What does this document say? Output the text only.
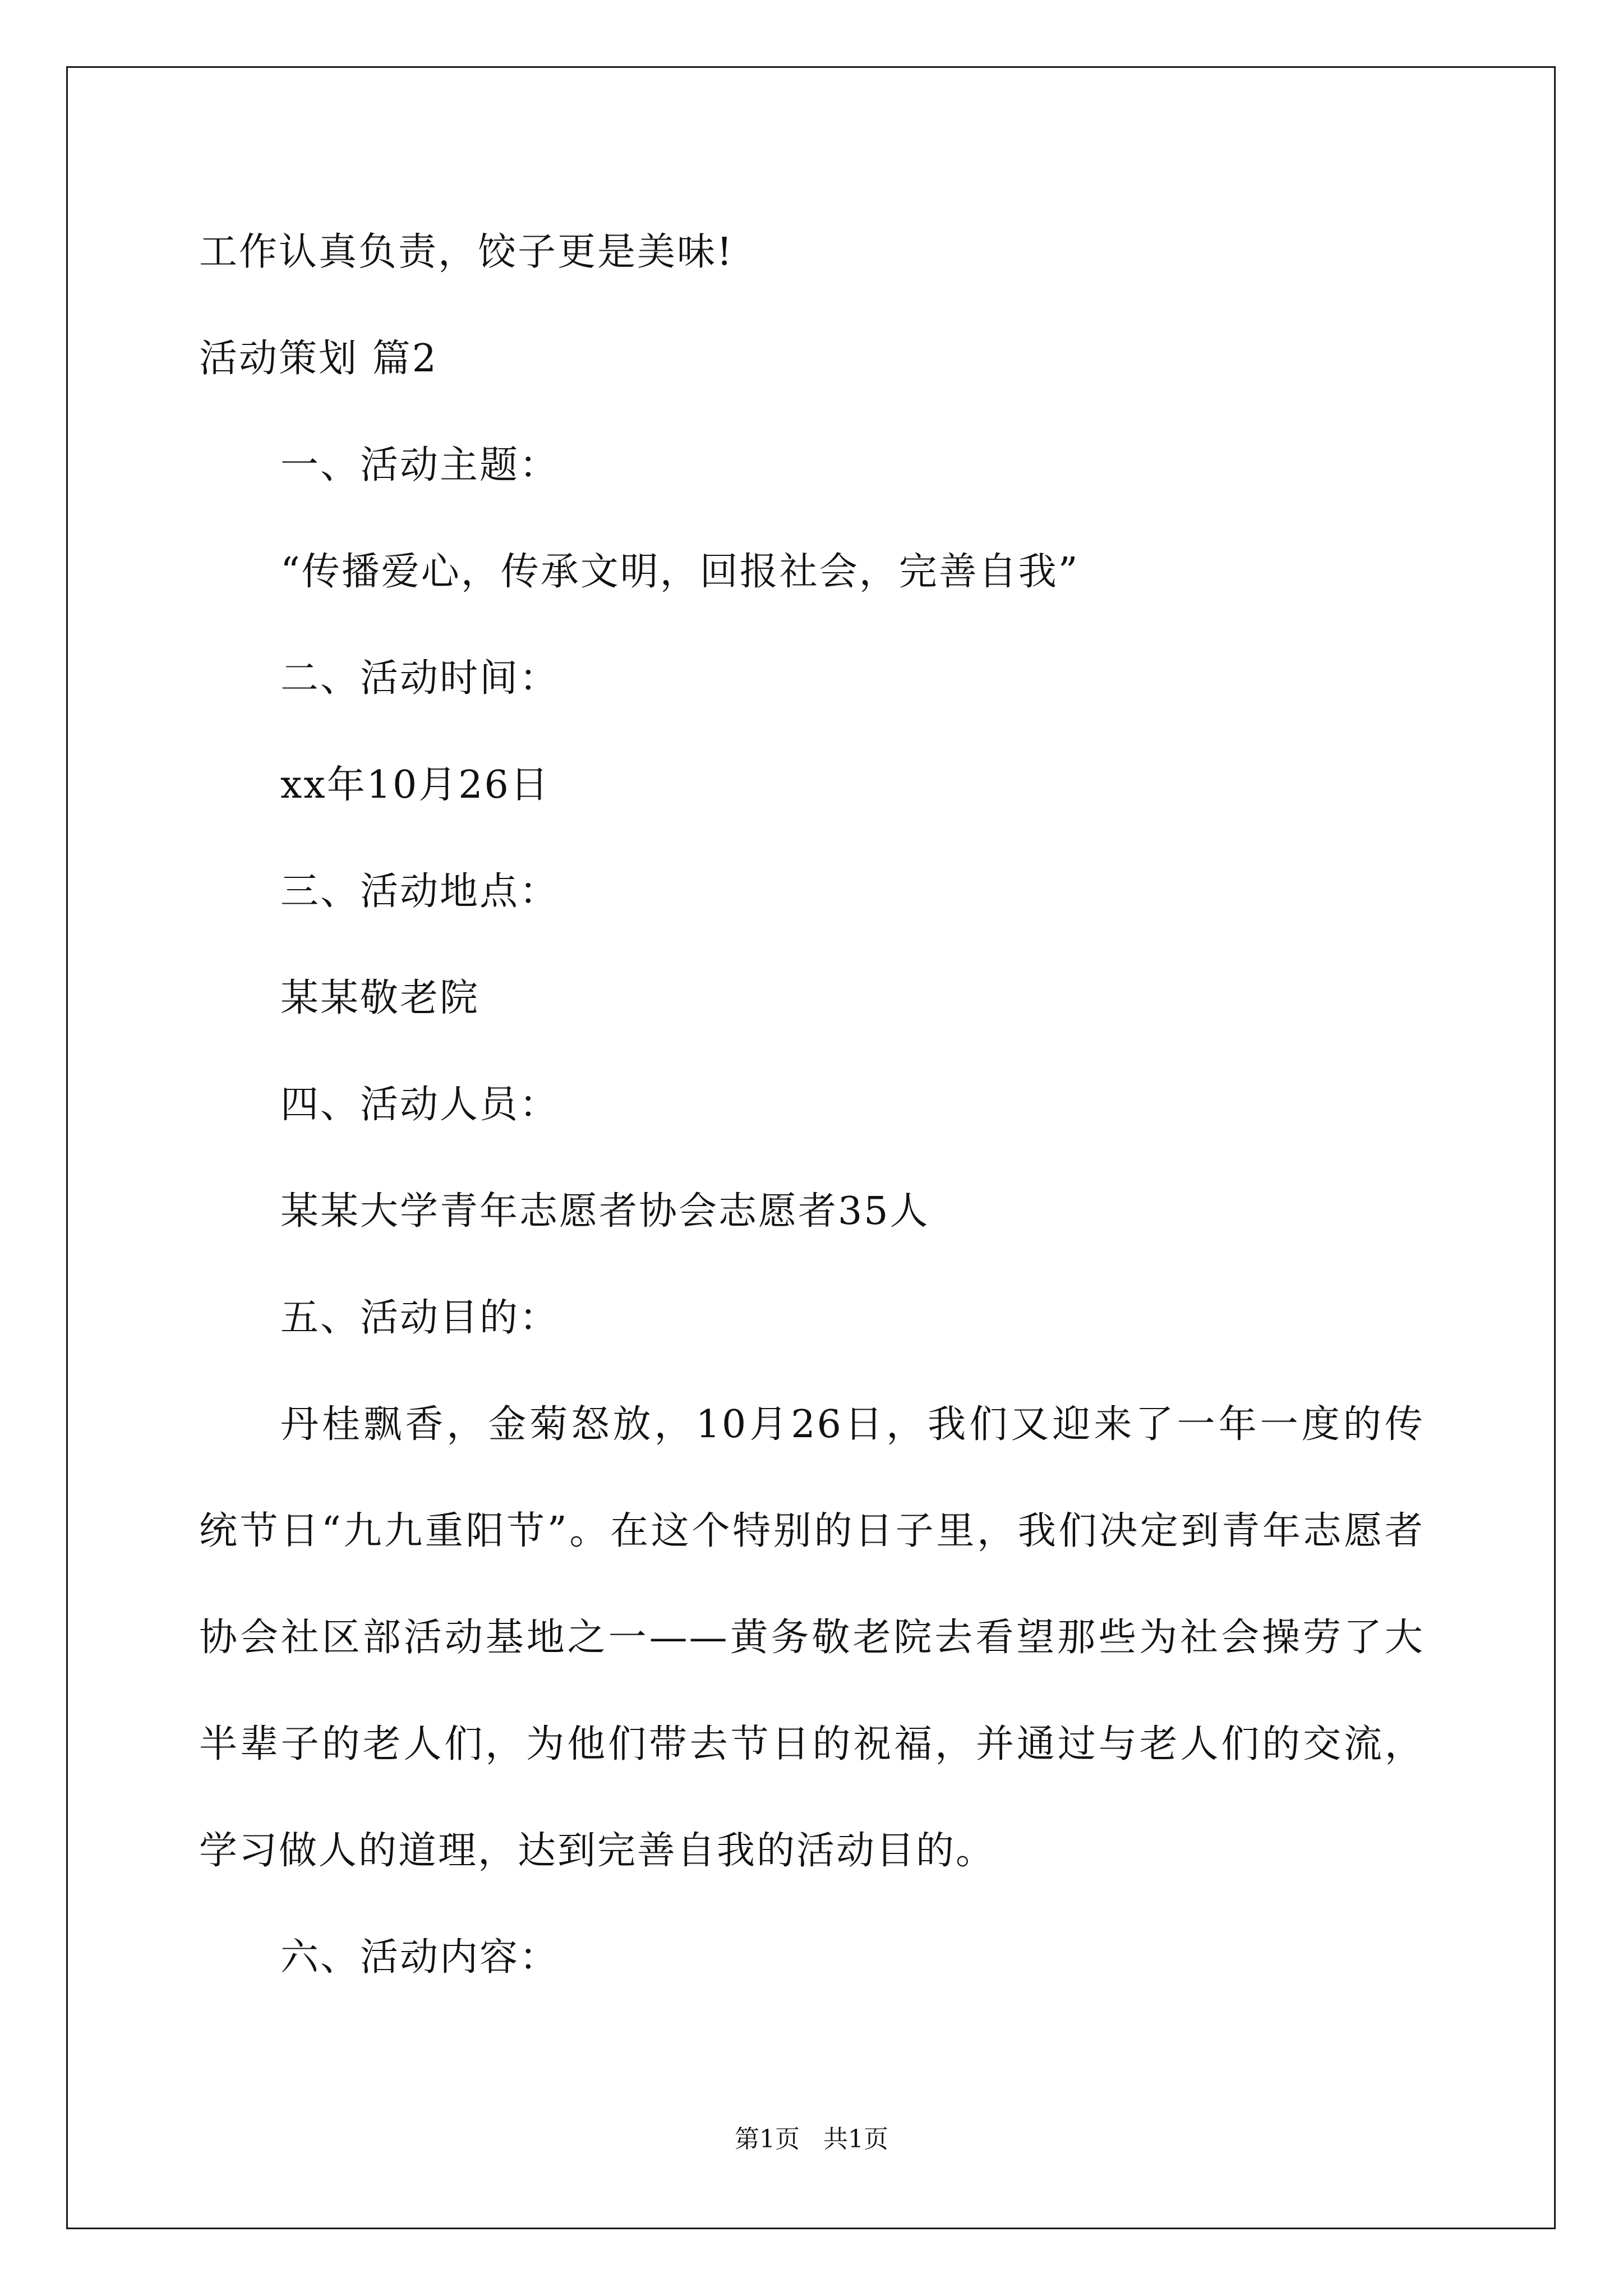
工作认真负责，饺子更是美味!
活动策划 篇2
一、活动主题：
“传播爱心，传承文明，回报社会，完善自我”
二、活动时间：
xx年10月26日
三、活动地点：
某某敬老院
四、活动人员：
某某大学青年志愿者协会志愿者35人
五、活动目的：
丹桂飘香，金菊怒放，10月26日，我们又迎来了一年一度的传
统节日“九九重阳节”。在这个特别的日子里，我们决定到青年志愿者
协会社区部活动基地之一——黄务敬老院去看望那些为社会操劳了大
半辈子的老人们，为他们带去节日的祝福，并通过与老人们的交流，
学习做人的道理，达到完善自我的活动目的。
六、活动内容：
第1页 共1页
